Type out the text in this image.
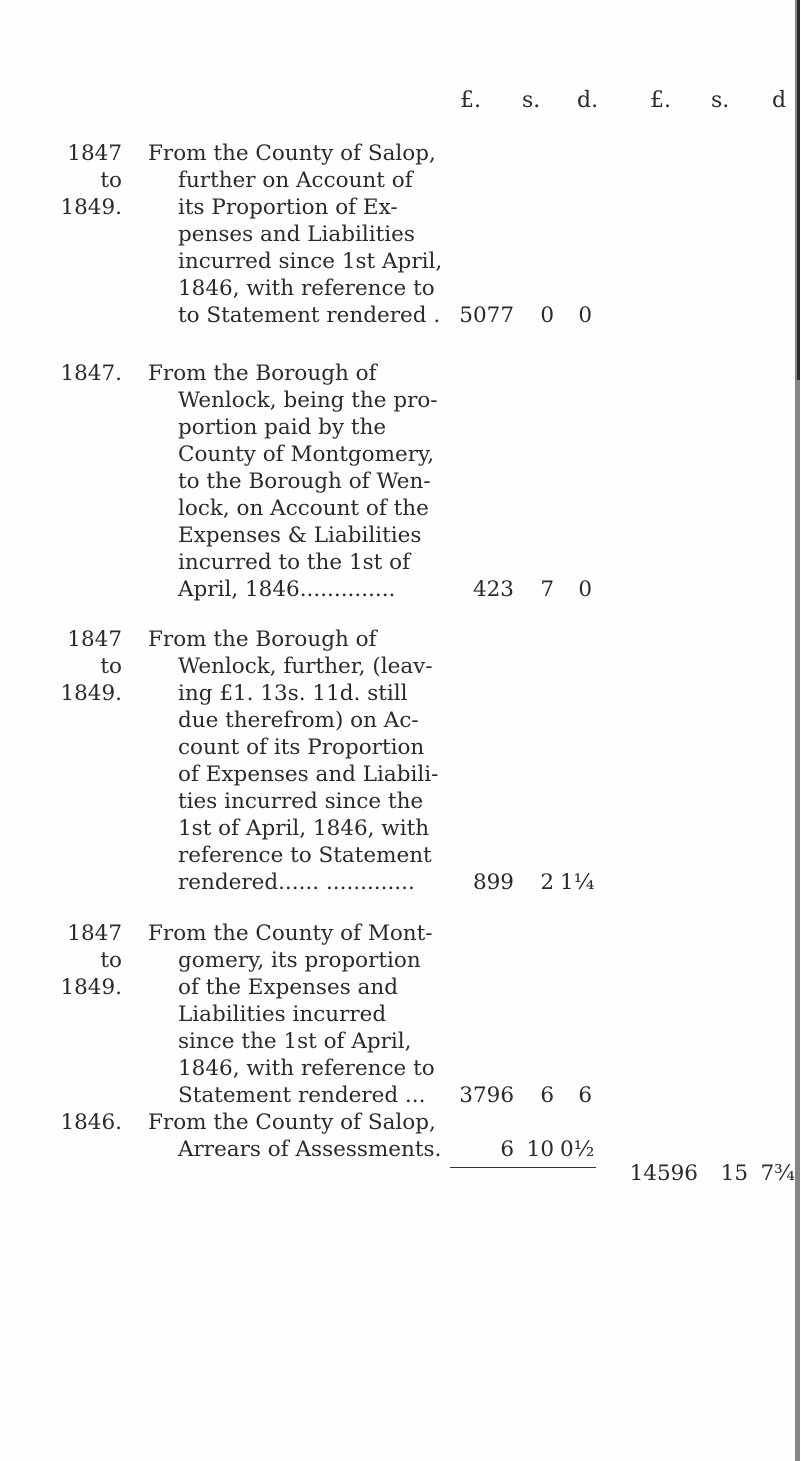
£. s. d. £. s. d
1847
to
1849.
From the County of Salop,
further on Account of
its Proportion of Ex-
penses and Liabilities
incurred since 1st April,
1846, with reference to
to Statement rendered . 5077	0	0
1847. From the Borough of
Wenlock, being the pro-
portion paid by the
County of Montgomery,
to the Borough of Wen-
lock, on Account of the
Expenses & Liabilities
incurred to the 1st of
April, 1846..............	423	7	0
1847
to
1849.
From the Borough of
Wenlock, further, (leav-
ing £1. 13s. 11d. still
due therefrom) on Ac-
count of its Proportion
of Expenses and Liabili-
ties incurred since the
1st of April, 1846, with
reference to Statement
rendered...... .............	899	2 1¼
1847
to
1849.
From the County of Mont-
gomery, its proportion
of the Expenses and
Liabilities incurred
since the 1st of April,
1846, with reference to
Statement rendered ...	3796	6	6
1846. From the County of Salop,
Arrears of Assessments.	6 10 0½
14596	15 7¾
